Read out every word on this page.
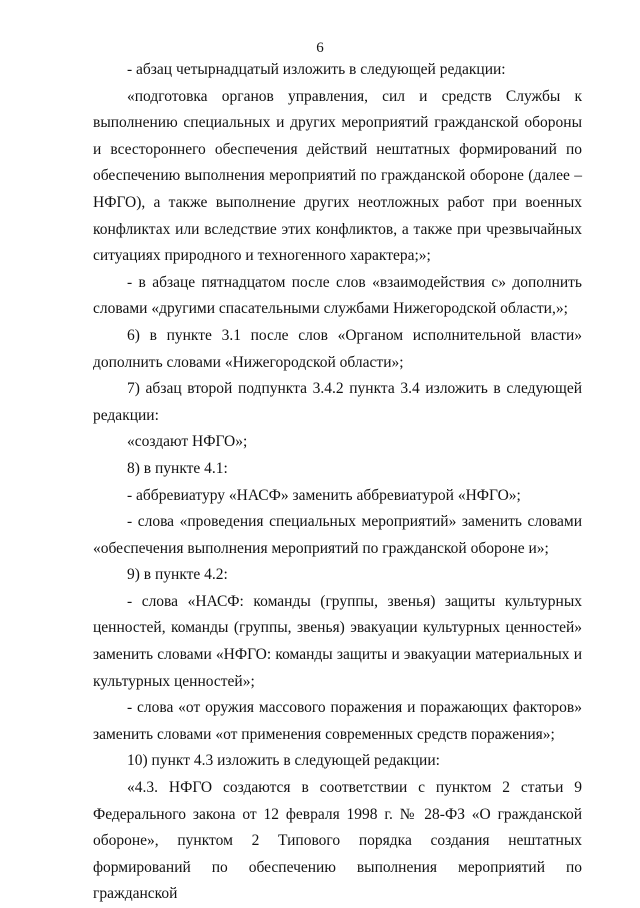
6

- абзац четырнадцатый изложить в следующей редакции:

«подготовка органов управления, сил и средств Службы к выполнению специальных и других мероприятий гражданской обороны и всестороннего обеспечения действий нештатных формирований по обеспечению выполнения мероприятий по гражданской обороне (далее – НФГО), а также выполнение других неотложных работ при военных конфликтах или вследствие этих конфликтов, а также при чрезвычайных ситуациях природного и техногенного характера;»;

- в абзаце пятнадцатом после слов «взаимодействия с» дополнить словами «другими спасательными службами Нижегородской области,»;

6) в пункте 3.1 после слов «Органом исполнительной власти» дополнить словами «Нижегородской области»;

7) абзац второй подпункта 3.4.2 пункта 3.4 изложить в следующей редакции:

«создают НФГО»;

8) в пункте 4.1:

- аббревиатуру «НАСФ» заменить аббревиатурой «НФГО»;

- слова «проведения специальных мероприятий» заменить словами «обеспечения выполнения мероприятий по гражданской обороне и»;

9) в пункте 4.2:

- слова «НАСФ: команды (группы, звенья) защиты культурных ценностей, команды (группы, звенья) эвакуации культурных ценностей» заменить словами «НФГО: команды защиты и эвакуации материальных и культурных ценностей»;

- слова «от оружия массового поражения и поражающих факторов» заменить словами «от применения современных средств поражения»;

10) пункт 4.3 изложить в следующей редакции:

«4.3. НФГО создаются в соответствии с пунктом 2 статьи 9 Федерального закона от 12 февраля 1998 г. № 28-ФЗ «О гражданской обороне», пунктом 2 Типового порядка создания нештатных формирований по обеспечению выполнения мероприятий по гражданской
